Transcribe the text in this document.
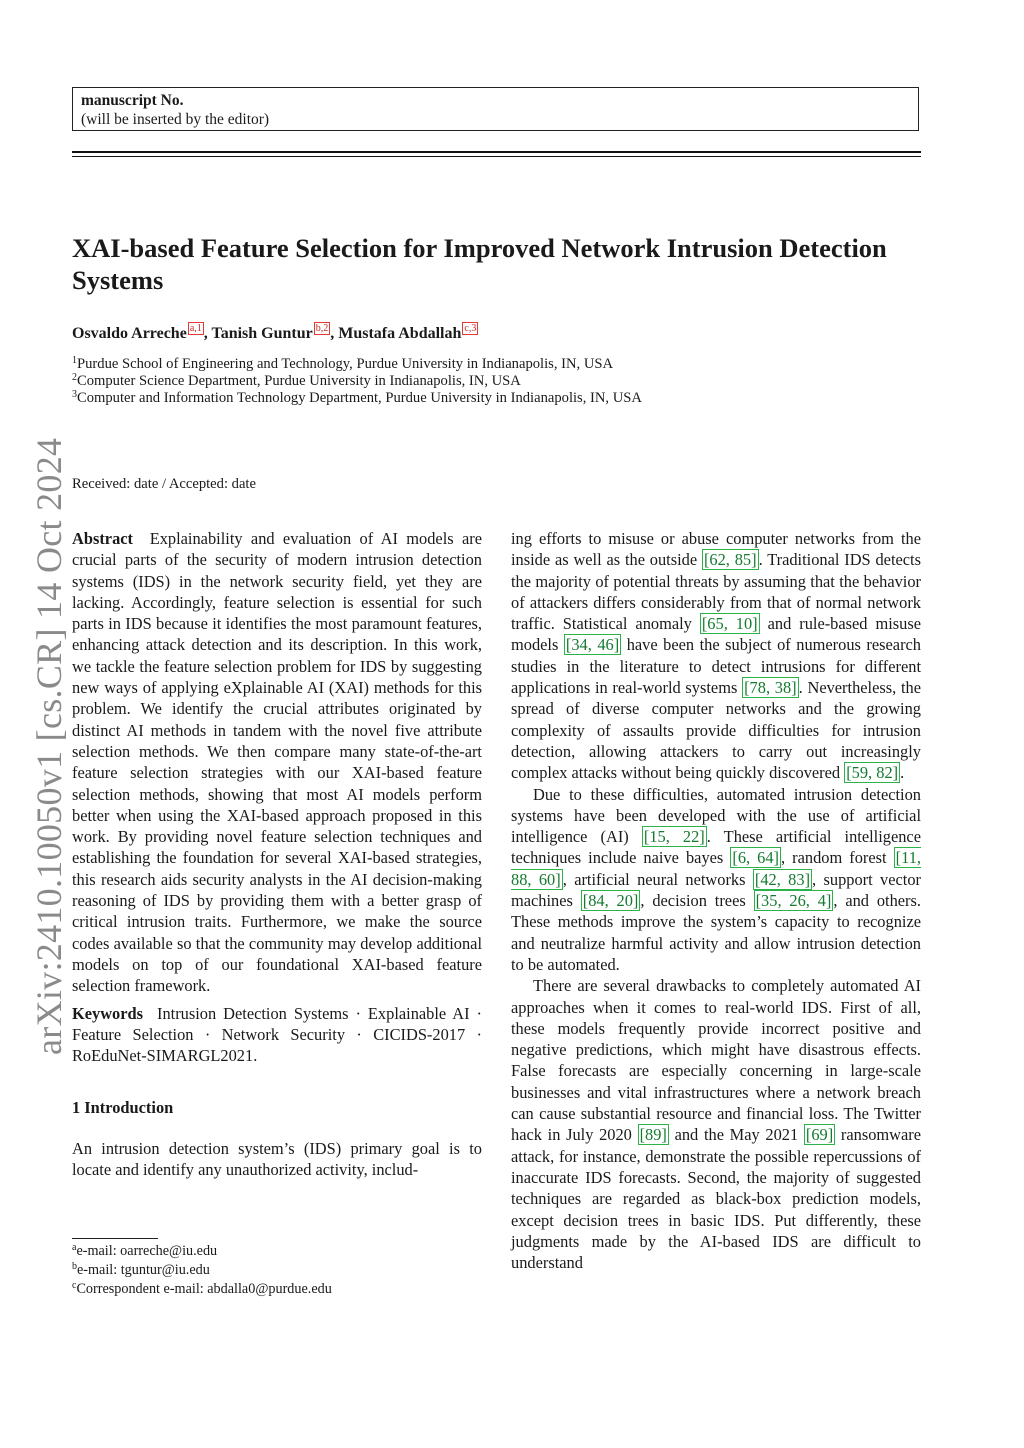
manuscript No.
(will be inserted by the editor)
XAI-based Feature Selection for Improved Network Intrusion Detection Systems
Osvaldo Arreche a,1 , Tanish Guntur b,2 , Mustafa Abdallah c,3
$^1$Purdue School of Engineering and Technology, Purdue University in Indianapolis, IN, USA
$^2$Computer Science Department, Purdue University in Indianapolis, IN, USA
$^3$Computer and Information Technology Department, Purdue University in Indianapolis, IN, USA
arXiv:2410.10050v1 [cs.CR] 14 Oct 2024 Received: date / Accepted: date

Abstract Explainability and evaluation of AI models are crucial parts of the security of modern intrusion detection systems (IDS) in the network security field, yet they are lacking. Accordingly, feature selection is essential for such parts in IDS because it identifies the most paramount features, enhancing attack detection and its description. In this work, we tackle the feature selection problem for IDS by suggesting new ways of applying eXplainable AI (XAI) methods for this problem. We identify the crucial attributes originated by distinct AI methods in tandem with the novel five attribute selection methods. We then compare many state-of-the-art feature selection strategies with our XAI-based feature selection methods, showing that most AI models perform better when using the XAI-based approach proposed in this work. By providing novel feature selection techniques and establishing the foundation for several XAI-based strategies, this research aids security analysts in the AI decision-making reasoning of IDS by providing them with a better grasp of critical intrusion traits. Furthermore, we make the source codes available so that the community may develop additional models on top of our foundational XAI-based feature selection framework.

Keywords Intrusion Detection Systems · Explainable AI · Feature Selection · Network Security · CICIDS-2017 · RoEduNet-SIMARGL2021.

1 Introduction

An intrusion detection system’s (IDS) primary goal is to locate and identify any unauthorized activity, includ-

ing efforts to misuse or abuse computer networks from the inside as well as the outside [62, 85] . Traditional IDS detects the majority of potential threats by assuming that the behavior of attackers differs considerably from that of normal network traffic. Statistical anomaly [65, 10] and rule-based misuse models [34, 46] have been the subject of numerous research studies in the literature to detect intrusions for different applications in real-world systems [78, 38] . Nevertheless, the spread of diverse computer networks and the growing complexity of assaults provide difficulties for intrusion detection, allowing attackers to carry out increasingly complex attacks without being quickly discovered [59, 82] .

Due to these difficulties, automated intrusion detection systems have been developed with the use of artificial intelligence (AI) [15, 22] . These artificial intelligence techniques include naive bayes [6, 64] , random forest [11, 88, 60] , artificial neural networks [42, 83] , support vector machines [84, 20] , decision trees [35, 26, 4] , and others. These methods improve the system’s capacity to recognize and neutralize harmful activity and allow intrusion detection to be automated.

There are several drawbacks to completely automated AI approaches when it comes to real-world IDS. First of all, these models frequently provide incorrect positive and negative predictions, which might have disastrous effects. False forecasts are especially concerning in large-scale businesses and vital infrastructures where a network breach can cause substantial resource and financial loss. The Twitter hack in July 2020 [89] and the May 2021 [69] ransomware attack, for instance, demonstrate the possible repercussions of inaccurate IDS forecasts. Second, the majority of suggested techniques are regarded as black-box prediction models, except decision trees in basic IDS. Put differently, these judgments made by the AI-based IDS are difficult to understand

$^a$e-mail: oarreche@iu.edu
$^b$e-mail: tguntur@iu.edu
$^c$Correspondent e-mail: abdalla0@purdue.edu
